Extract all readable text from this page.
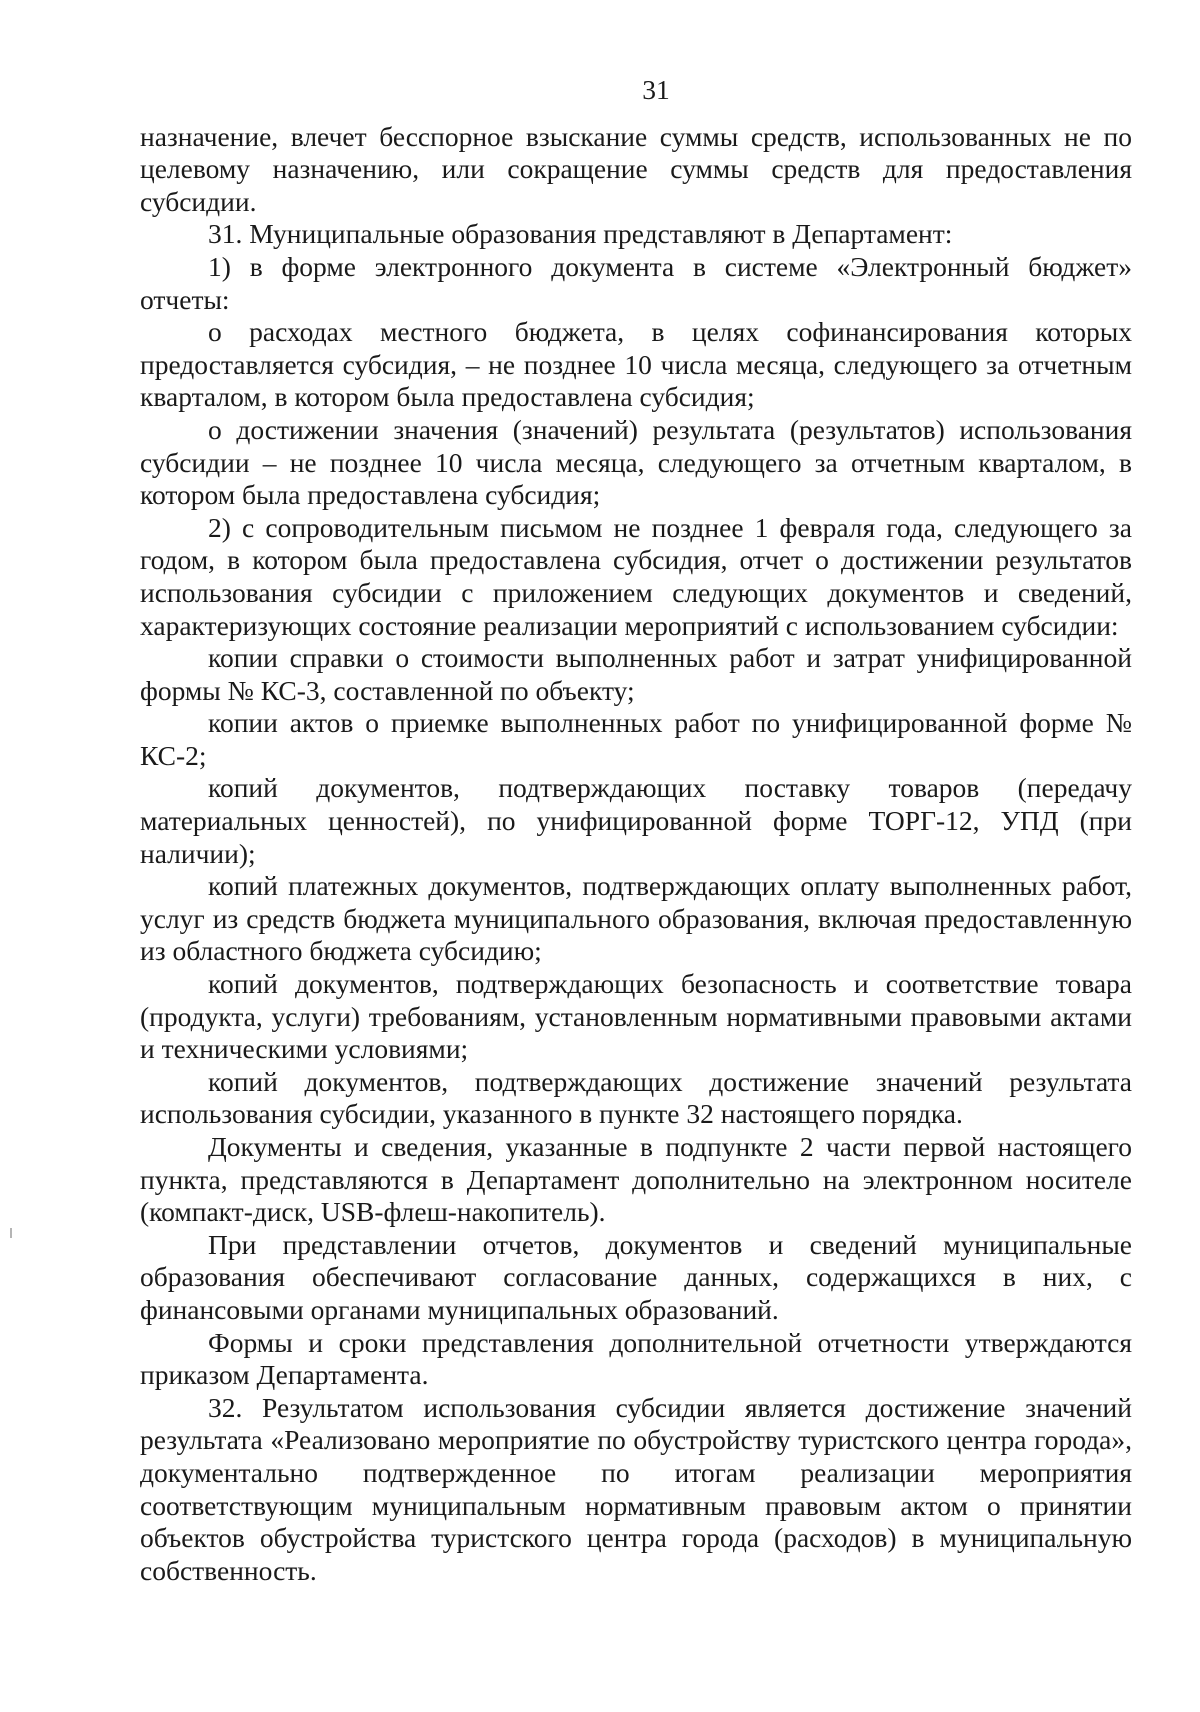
31

назначение, влечет бесспорное взыскание суммы средств, использованных не по целевому назначению, или сокращение суммы средств для предоставления субсидии.

31. Муниципальные образования представляют в Департамент:

1) в форме электронного документа в системе «Электронный бюджет» отчеты:

о расходах местного бюджета, в целях софинансирования которых предоставляется субсидия, – не позднее 10 числа месяца, следующего за отчетным кварталом, в котором была предоставлена субсидия;

о достижении значения (значений) результата (результатов) использования субсидии – не позднее 10 числа месяца, следующего за отчетным кварталом, в котором была предоставлена субсидия;

2) с сопроводительным письмом не позднее 1 февраля года, следующего за годом, в котором была предоставлена субсидия, отчет о достижении результатов использования субсидии с приложением следующих документов и сведений, характеризующих состояние реализации мероприятий с использованием субсидии:

копии справки о стоимости выполненных работ и затрат унифицированной формы № КС-3, составленной по объекту;

копии актов о приемке выполненных работ по унифицированной форме № КС-2;

копий документов, подтверждающих поставку товаров (передачу материальных ценностей), по унифицированной форме ТОРГ-12, УПД (при наличии);

копий платежных документов, подтверждающих оплату выполненных работ, услуг из средств бюджета муниципального образования, включая предоставленную из областного бюджета субсидию;

копий документов, подтверждающих безопасность и соответствие товара (продукта, услуги) требованиям, установленным нормативными правовыми актами и техническими условиями;

копий документов, подтверждающих достижение значений результата использования субсидии, указанного в пункте 32 настоящего порядка.

Документы и сведения, указанные в подпункте 2 части первой настоящего пункта, представляются в Департамент дополнительно на электронном носителе (компакт-диск, USB-флеш-накопитель).

При представлении отчетов, документов и сведений муниципальные образования обеспечивают согласование данных, содержащихся в них, с финансовыми органами муниципальных образований.

Формы и сроки представления дополнительной отчетности утверждаются приказом Департамента.

32. Результатом использования субсидии является достижение значений результата «Реализовано мероприятие по обустройству туристского центра города», документально подтвержденное по итогам реализации мероприятия соответствующим муниципальным нормативным правовым актом о принятии объектов обустройства туристского центра города (расходов) в муниципальную собственность.
